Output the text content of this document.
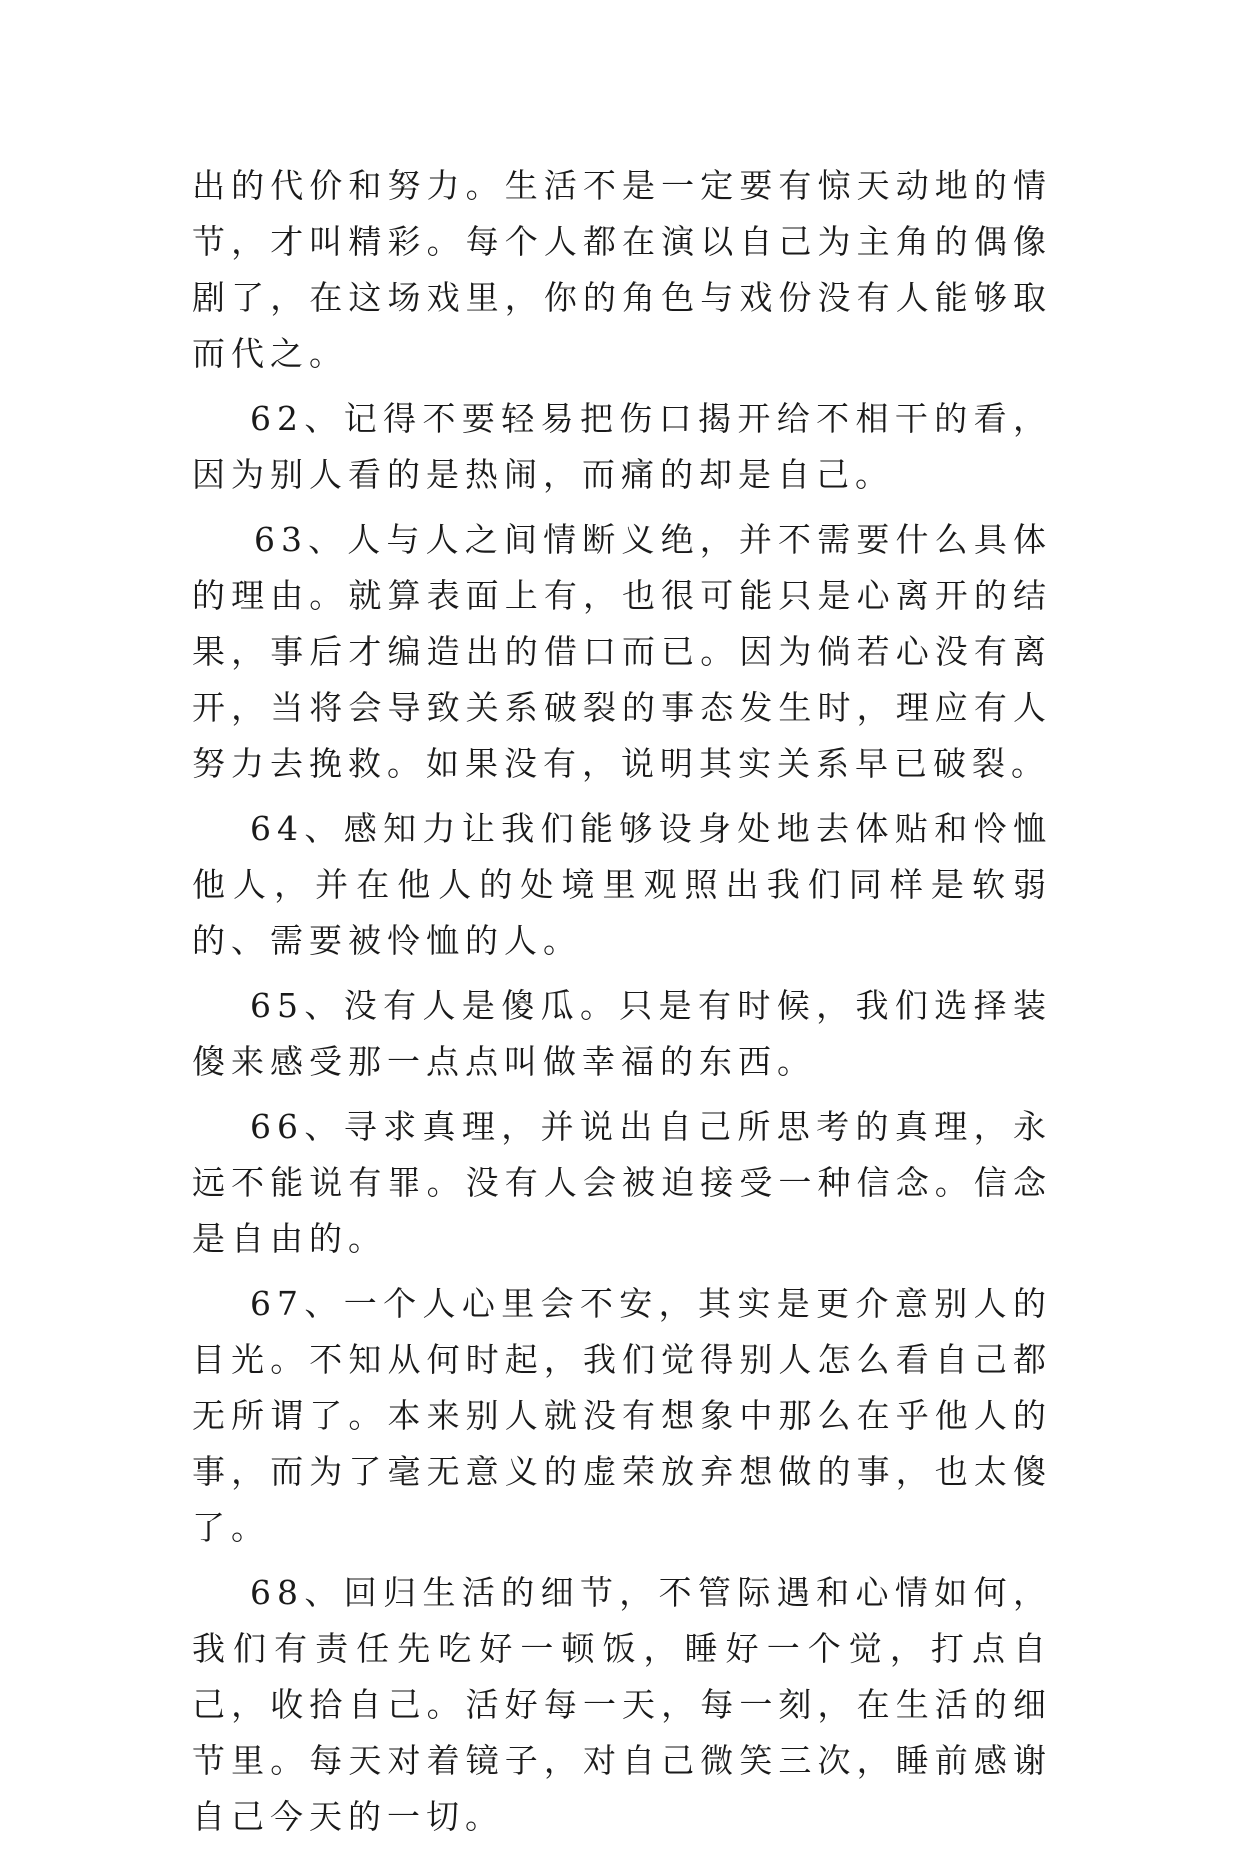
出的代价和努力。生活不是一定要有惊天动地的情节，才叫精彩。每个人都在演以自己为主角的偶像剧了，在这场戏里，你的角色与戏份没有人能够取而代之。

62、记得不要轻易把伤口揭开给不相干的看，因为别人看的是热闹，而痛的却是自己。

63、人与人之间情断义绝，并不需要什么具体的理由。就算表面上有，也很可能只是心离开的结果，事后才编造出的借口而已。因为倘若心没有离开，当将会导致关系破裂的事态发生时，理应有人努力去挽救。如果没有，说明其实关系早已破裂。

64、感知力让我们能够设身处地去体贴和怜恤他人，并在他人的处境里观照出我们同样是软弱的、需要被怜恤的人。

65、没有人是傻瓜。只是有时候，我们选择装傻来感受那一点点叫做幸福的东西。

66、寻求真理，并说出自己所思考的真理，永远不能说有罪。没有人会被迫接受一种信念。信念是自由的。

67、一个人心里会不安，其实是更介意别人的目光。不知从何时起，我们觉得别人怎么看自己都无所谓了。本来别人就没有想象中那么在乎他人的事，而为了毫无意义的虚荣放弃想做的事，也太傻了。

68、回归生活的细节，不管际遇和心情如何，我们有责任先吃好一顿饭，睡好一个觉，打点自己，收拾自己。活好每一天，每一刻，在生活的细节里。每天对着镜子，对自己微笑三次，睡前感谢自己今天的一切。
